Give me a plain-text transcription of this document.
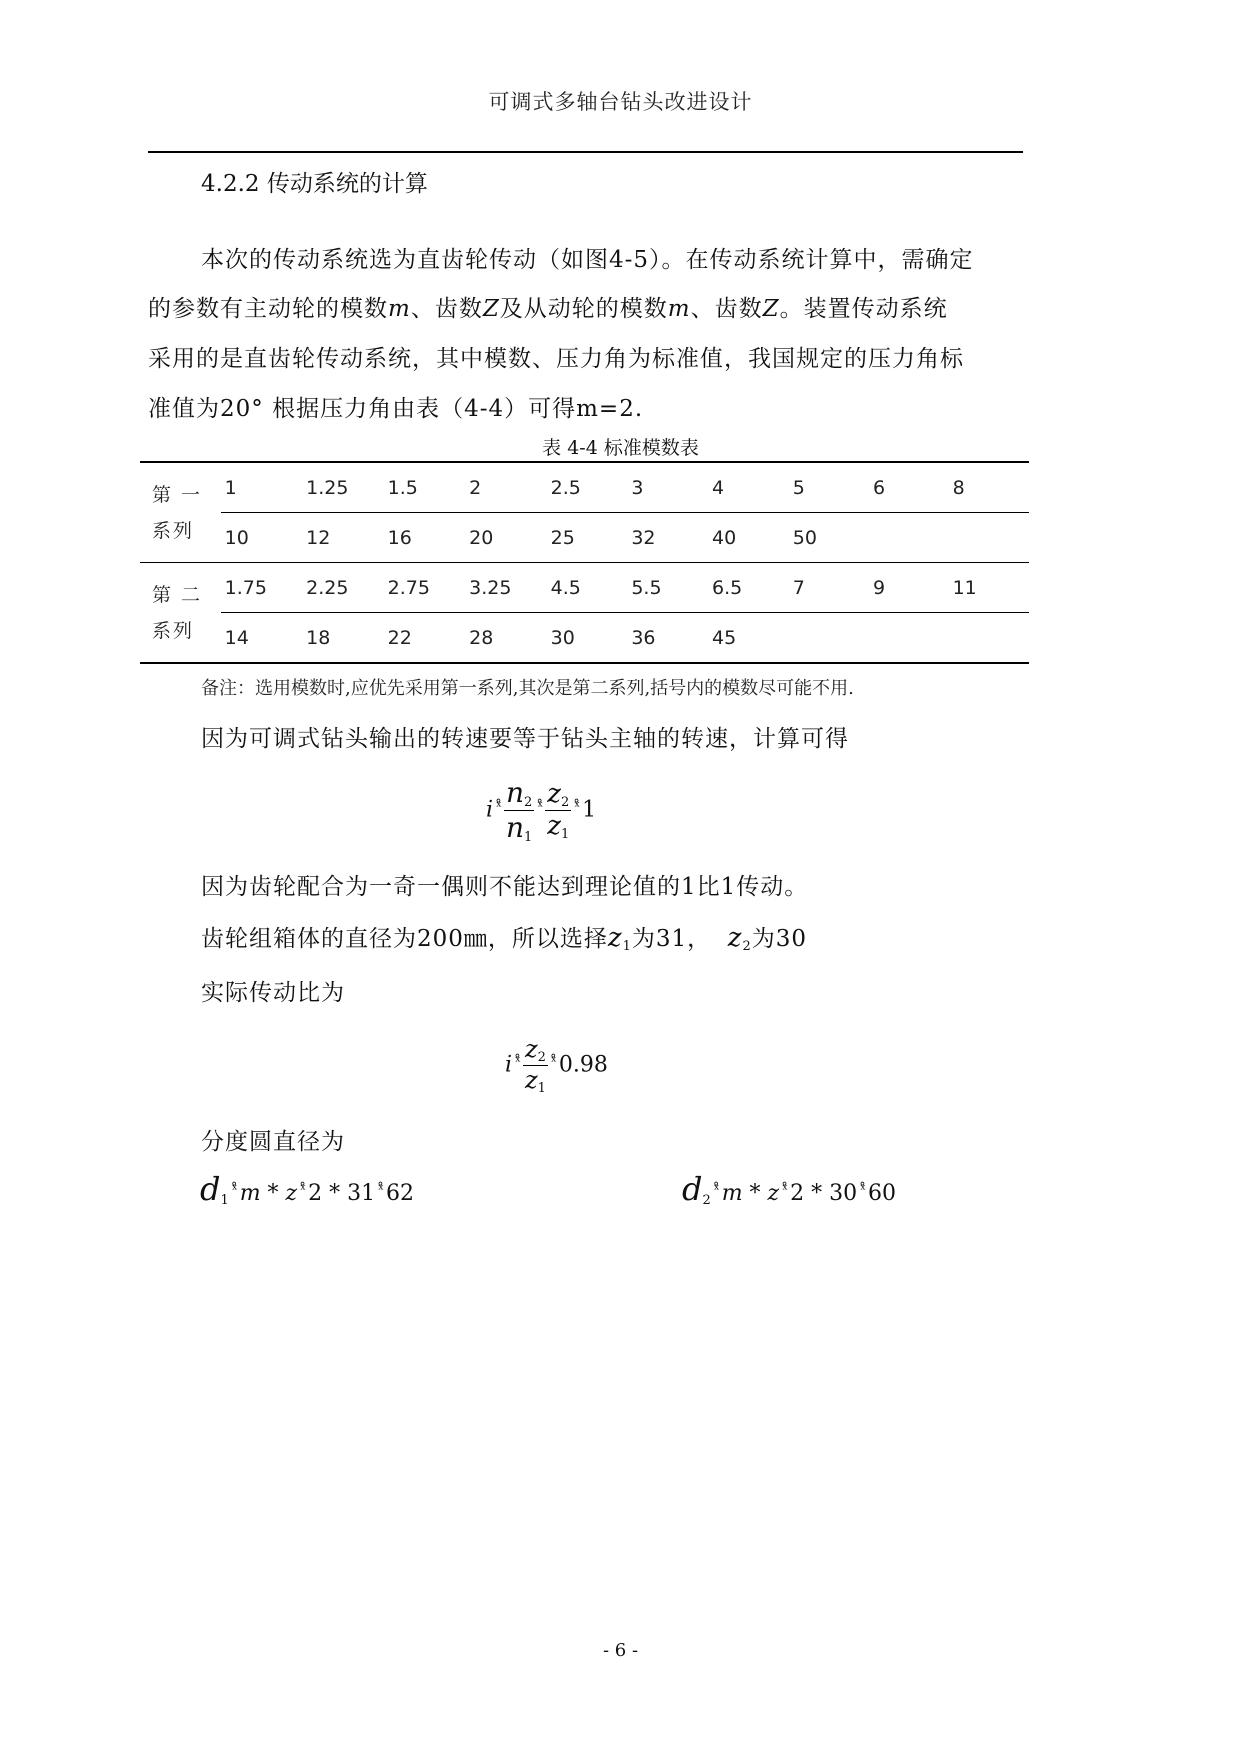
可调式多轴台钻头改进设计
4.2.2 传动系统的计算
本次的传动系统选为直齿轮传动（如图4-5）。在传动系统计算中，需确定
的参数有主动轮的模数m、齿数Z及从动轮的模数m、齿数Z。装置传动系统
采用的是直齿轮传动系统，其中模数、压力角为标准值，我国规定的压力角标
准值为20° 根据压力角由表（4-4）可得m=2.
表 4-4 标准模数表
第 一
系列	1	1.25	1.5	2	2.5	3	4	5	6	8
	10	12	16	20	25	32	40	50		
第 二
系列	1.75	2.25	2.75	3.25	4.5	5.5	6.5	7	9	11
	14	18	22	28	30	36	45			
备注：选用模数时,应优先采用第一系列,其次是第二系列,括号内的模数尽可能不用.
因为可调式钻头输出的转速要等于钻头主轴的转速，计算可得
i $^{ˣ̊} \frac{n_2}{n_1} ^{ˣ̊} \frac{z_2}{z_1} ^{ˣ̊}$ 1
因为齿轮配合为一奇一偶则不能达到理论值的1比1传动。
齿轮组箱体的直径为200㎜，所以选择$z_1$为31， $z_2$为30
实际传动比为
i $^{ˣ̊} \frac{z_2}{z_1} ^{ˣ̊}$ 0.98
分度圆直径为
$d_1^{ˣ̊}$ m * z $^{ˣ̊}$ 2 * 31 $^{ˣ̊}$ 62	$d_2^{ˣ̊}$ m * z $^{ˣ̊}$ 2 * 30 $^{ˣ̊}$ 60
- 6 -
